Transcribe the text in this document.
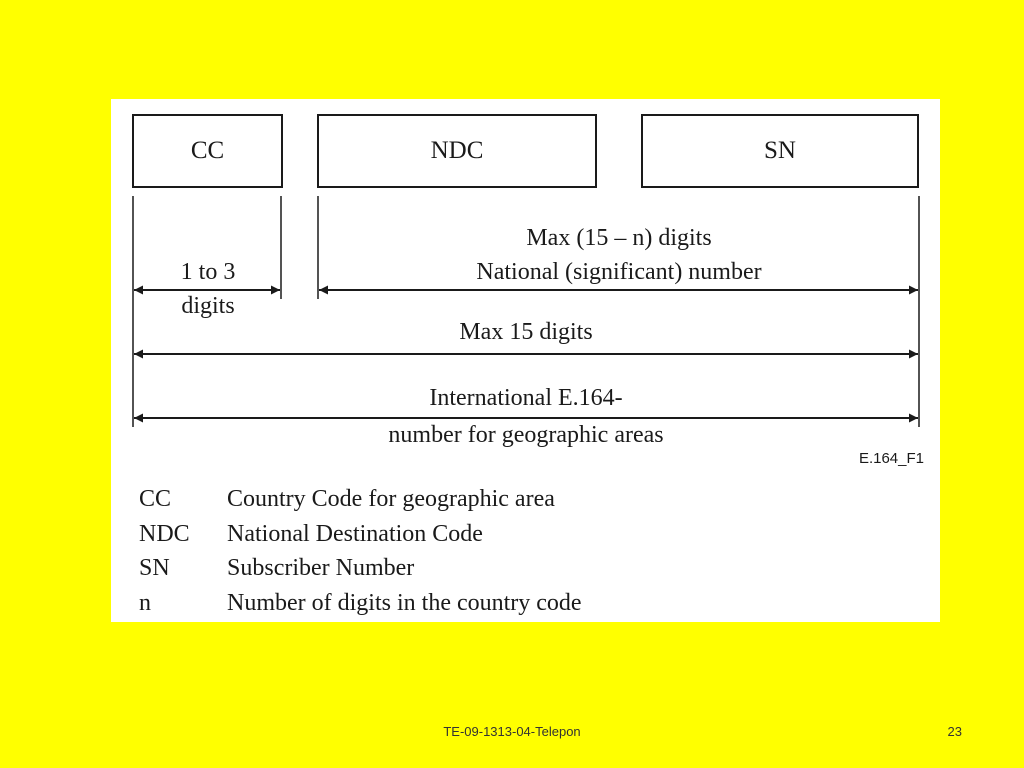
CC	NDC	SN
1 to 3
digits
Max (15 – n) digits
National (significant) number
Max 15 digits
International E.164-
number for geographic areas
E.164_F1
CC	Country Code for geographic area
NDC	National Destination Code
SN	Subscriber Number
n	Number of digits in the country code
TE-09-1313-04-Telepon	23
